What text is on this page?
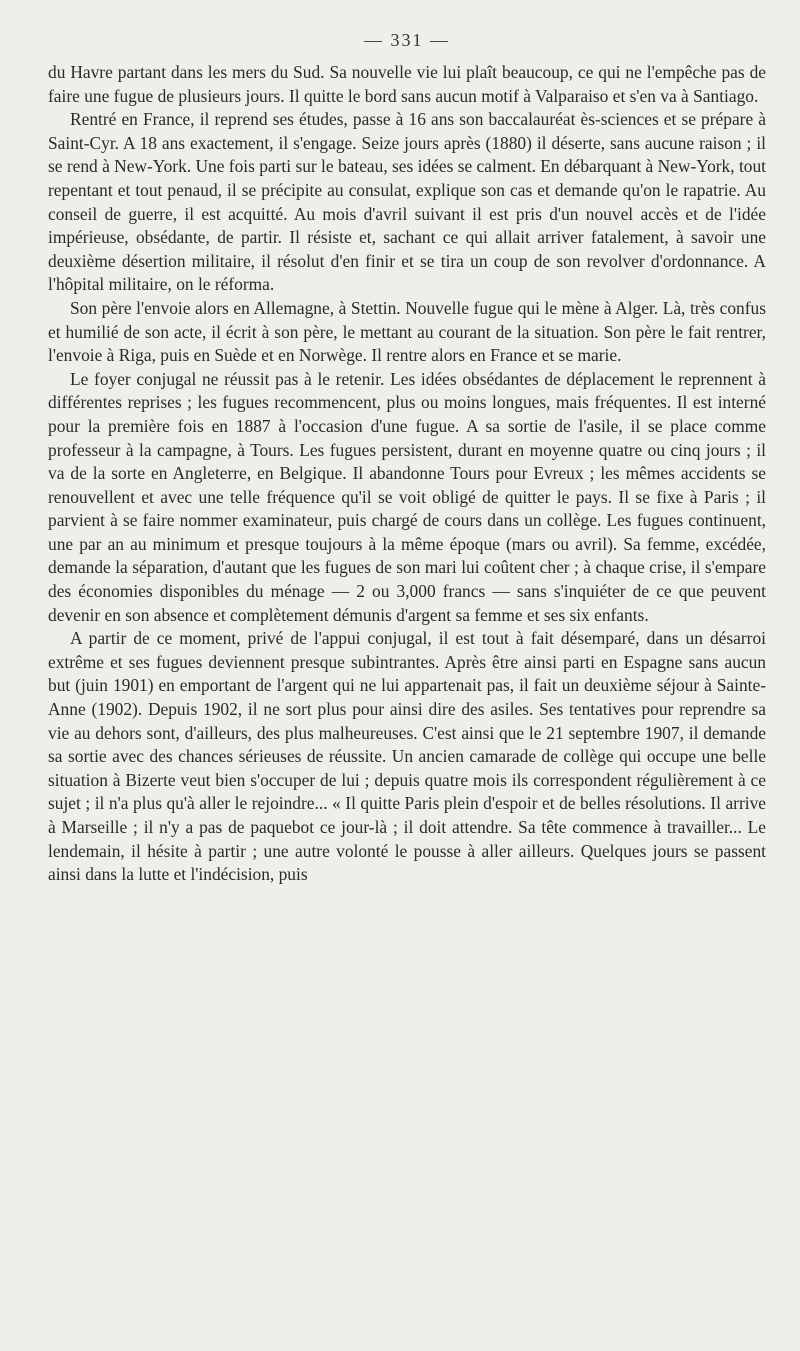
— 331 —

du Havre partant dans les mers du Sud. Sa nouvelle vie lui plaît beaucoup, ce qui ne l'empêche pas de faire une fugue de plusieurs jours. Il quitte le bord sans aucun motif à Valparaiso et s'en va à Santiago.

Rentré en France, il reprend ses études, passe à 16 ans son baccalauréat ès-sciences et se prépare à Saint-Cyr. A 18 ans exactement, il s'engage. Seize jours après (1880) il déserte, sans aucune raison ; il se rend à New-York. Une fois parti sur le bateau, ses idées se calment. En débarquant à New-York, tout repentant et tout penaud, il se précipite au consulat, explique son cas et demande qu'on le rapatrie. Au conseil de guerre, il est acquitté. Au mois d'avril suivant il est pris d'un nouvel accès et de l'idée impérieuse, obsédante, de partir. Il résiste et, sachant ce qui allait arriver fatalement, à savoir une deuxième désertion militaire, il résolut d'en finir et se tira un coup de son revolver d'ordonnance. A l'hôpital militaire, on le réforma.

Son père l'envoie alors en Allemagne, à Stettin. Nouvelle fugue qui le mène à Alger. Là, très confus et humilié de son acte, il écrit à son père, le mettant au courant de la situation. Son père le fait rentrer, l'envoie à Riga, puis en Suède et en Norwège. Il rentre alors en France et se marie.

Le foyer conjugal ne réussit pas à le retenir. Les idées obsédantes de déplacement le reprennent à différentes reprises ; les fugues recommencent, plus ou moins longues, mais fréquentes. Il est interné pour la première fois en 1887 à l'occasion d'une fugue. A sa sortie de l'asile, il se place comme professeur à la campagne, à Tours. Les fugues persistent, durant en moyenne quatre ou cinq jours ; il va de la sorte en Angleterre, en Belgique. Il abandonne Tours pour Evreux ; les mêmes accidents se renouvellent et avec une telle fréquence qu'il se voit obligé de quitter le pays. Il se fixe à Paris ; il parvient à se faire nommer examinateur, puis chargé de cours dans un collège. Les fugues continuent, une par an au minimum et presque toujours à la même époque (mars ou avril). Sa femme, excédée, demande la séparation, d'autant que les fugues de son mari lui coûtent cher ; à chaque crise, il s'empare des économies disponibles du ménage — 2 ou 3,000 francs — sans s'inquiéter de ce que peuvent devenir en son absence et complètement démunis d'argent sa femme et ses six enfants.

A partir de ce moment, privé de l'appui conjugal, il est tout à fait désemparé, dans un désarroi extrême et ses fugues deviennent presque subintrantes. Après être ainsi parti en Espagne sans aucun but (juin 1901) en emportant de l'argent qui ne lui appartenait pas, il fait un deuxième séjour à Sainte-Anne (1902). Depuis 1902, il ne sort plus pour ainsi dire des asiles. Ses tentatives pour reprendre sa vie au dehors sont, d'ailleurs, des plus malheureuses. C'est ainsi que le 21 septembre 1907, il demande sa sortie avec des chances sérieuses de réussite. Un ancien camarade de collège qui occupe une belle situation à Bizerte veut bien s'occuper de lui ; depuis quatre mois ils correspondent régulièrement à ce sujet ; il n'a plus qu'à aller le rejoindre... « Il quitte Paris plein d'espoir et de belles résolutions. Il arrive à Marseille ; il n'y a pas de paquebot ce jour-là ; il doit attendre. Sa tête commence à travailler... Le lendemain, il hésite à partir ; une autre volonté le pousse à aller ailleurs. Quelques jours se passent ainsi dans la lutte et l'indécision, puis
